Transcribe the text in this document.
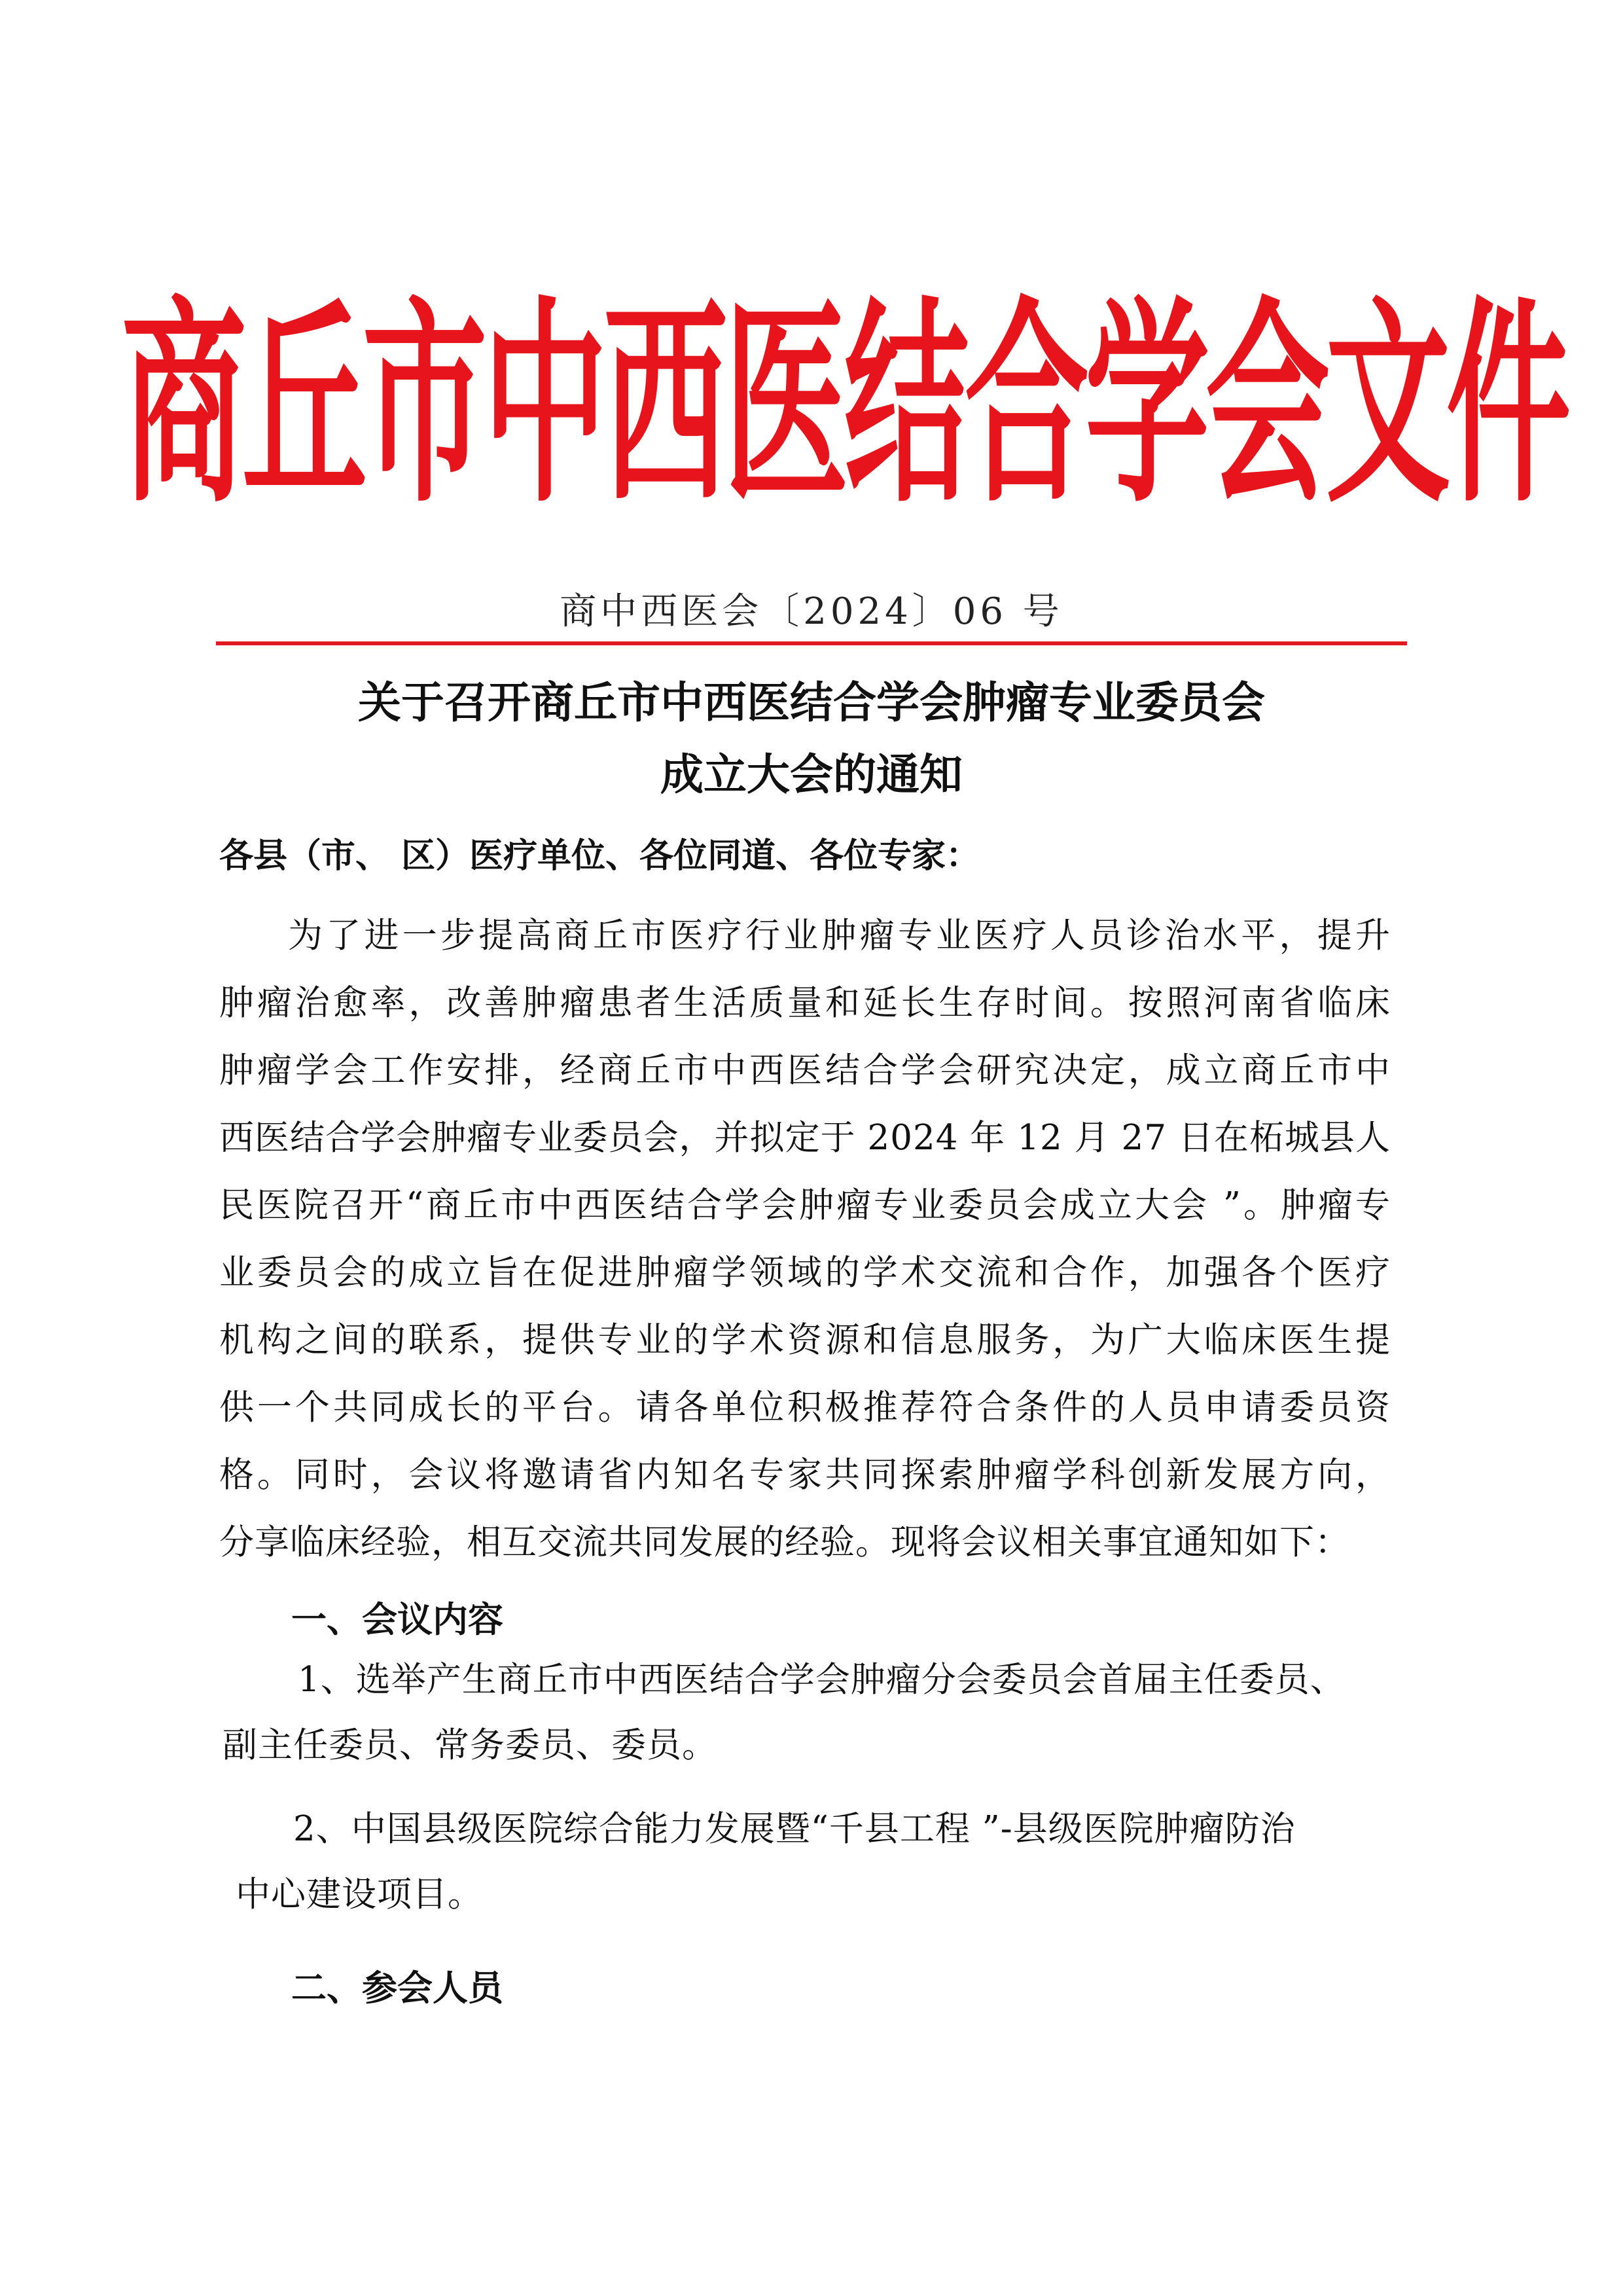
商丘市中西医结合学会文件
商中西医会〔2024〕06 号
关于召开商丘市中西医结合学会肿瘤专业委员会
成立大会的通知
各县（市、 区）医疗单位、各位同道、各位专家：
为了进一步提高商丘市医疗行业肿瘤专业医疗人员诊治水平，提升
肿瘤治愈率，改善肿瘤患者生活质量和延长生存时间。按照河南省临床
肿瘤学会工作安排，经商丘市中西医结合学会研究决定，成立商丘市中
西医结合学会肿瘤专业委员会，并拟定于 2024 年 12 月 27 日在柘城县人
民医院召开“商丘市中西医结合学会肿瘤专业委员会成立大会 ”。肿瘤专
业委员会的成立旨在促进肿瘤学领域的学术交流和合作，加强各个医疗
机构之间的联系，提供专业的学术资源和信息服务，为广大临床医生提
供一个共同成长的平台。请各单位积极推荐符合条件的人员申请委员资
格。同时，会议将邀请省内知名专家共同探索肿瘤学科创新发展方向，
分享临床经验，相互交流共同发展的经验。现将会议相关事宜通知如下：
一、会议内容
1、选举产生商丘市中西医结合学会肿瘤分会委员会首届主任委员、
副主任委员、常务委员、委员。
2、中国县级医院综合能力发展暨“千县工程 ”-县级医院肿瘤防治
中心建设项目。
二、参会人员
